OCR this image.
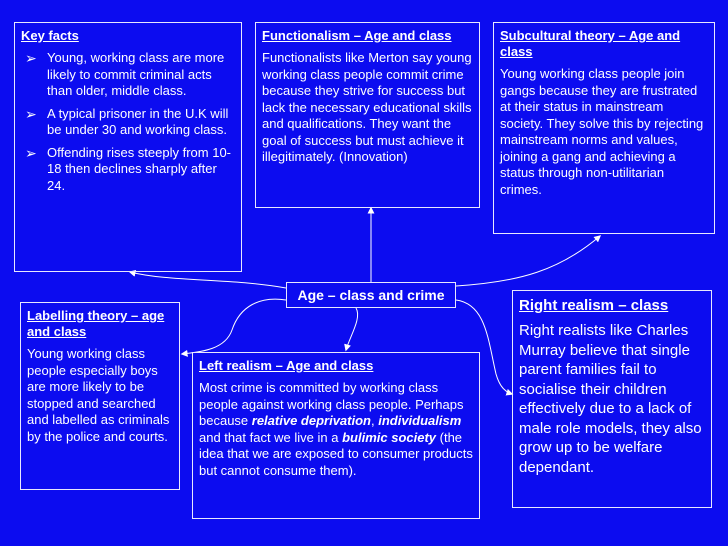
Key facts
➢ Young, working class are more likely to commit criminal acts than older, middle class.
➢ A typical prisoner in the U.K will be under 30 and working class.
➢ Offending rises steeply from 10-18 then declines sharply after 24.
Functionalism – Age and class
Functionalists like Merton say young working class people commit crime because they strive for success but lack the necessary educational skills and qualifications. They want the goal of success but must achieve it illegitimately. (Innovation)
Subcultural theory – Age and class
Young working class people join gangs because they are frustrated at their status in mainstream society. They solve this by rejecting mainstream norms and values, joining a gang and achieving a status through non-utilitarian crimes.
Age – class and crime
Labelling theory – age and class
Young working class people especially boys are more likely to be stopped and searched and labelled as criminals by the police and courts.
Left realism – Age and class
Most crime is committed by working class people against working class people. Perhaps because relative deprivation, individualism and that fact we live in a bulimic society (the idea that we are exposed to consumer products but cannot consume them).
Right realism – class
Right realists like Charles Murray believe that single parent families fail to socialise their children effectively due to a lack of male role models, they also grow up to be welfare dependant.
